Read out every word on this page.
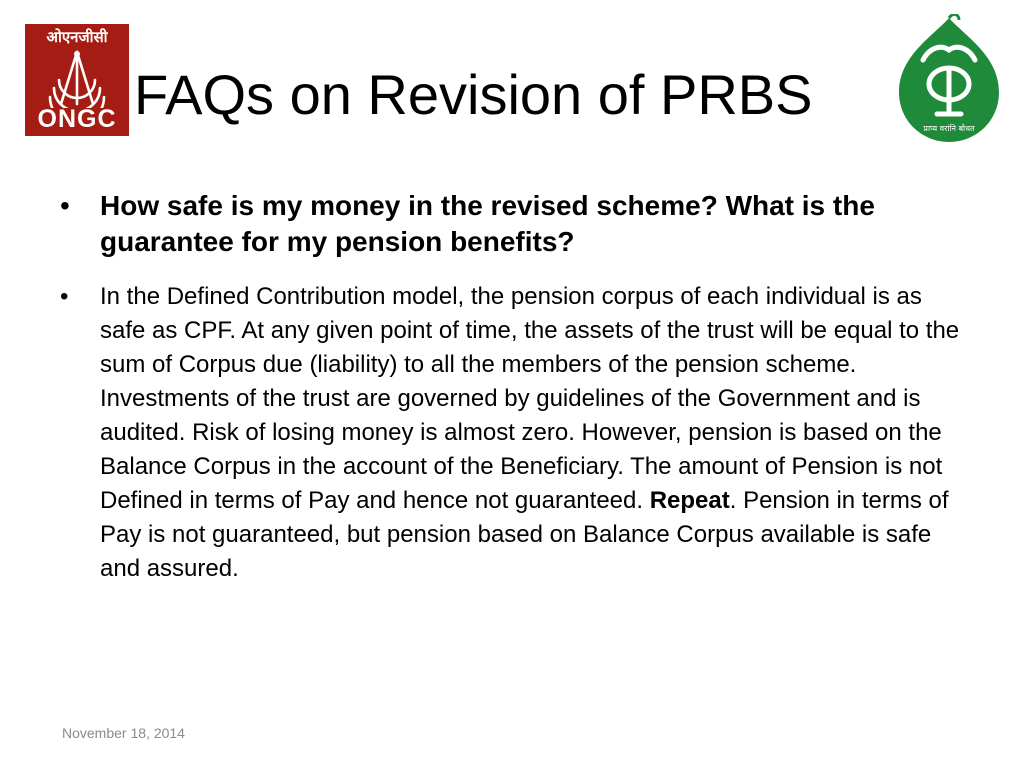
ओएनजीसी
ONGC FAQs on Revision of PRBS
प्राप्य वरांनि बोधत
• How safe is my money in the revised scheme? What is the guarantee for my pension benefits?
• In the Defined Contribution model, the pension corpus of each individual is as safe as CPF. At any given point of time, the assets of the trust will be equal to the sum of Corpus due (liability) to all the members of the pension scheme. Investments of the trust are governed by guidelines of the Government and is audited. Risk of losing money is almost zero. However, pension is based on the Balance Corpus in the account of the Beneficiary. The amount of Pension is not Defined in terms of Pay and hence not guaranteed. Repeat. Pension in terms of Pay is not guaranteed, but pension based on Balance Corpus available is safe and assured.
November 18, 2014
